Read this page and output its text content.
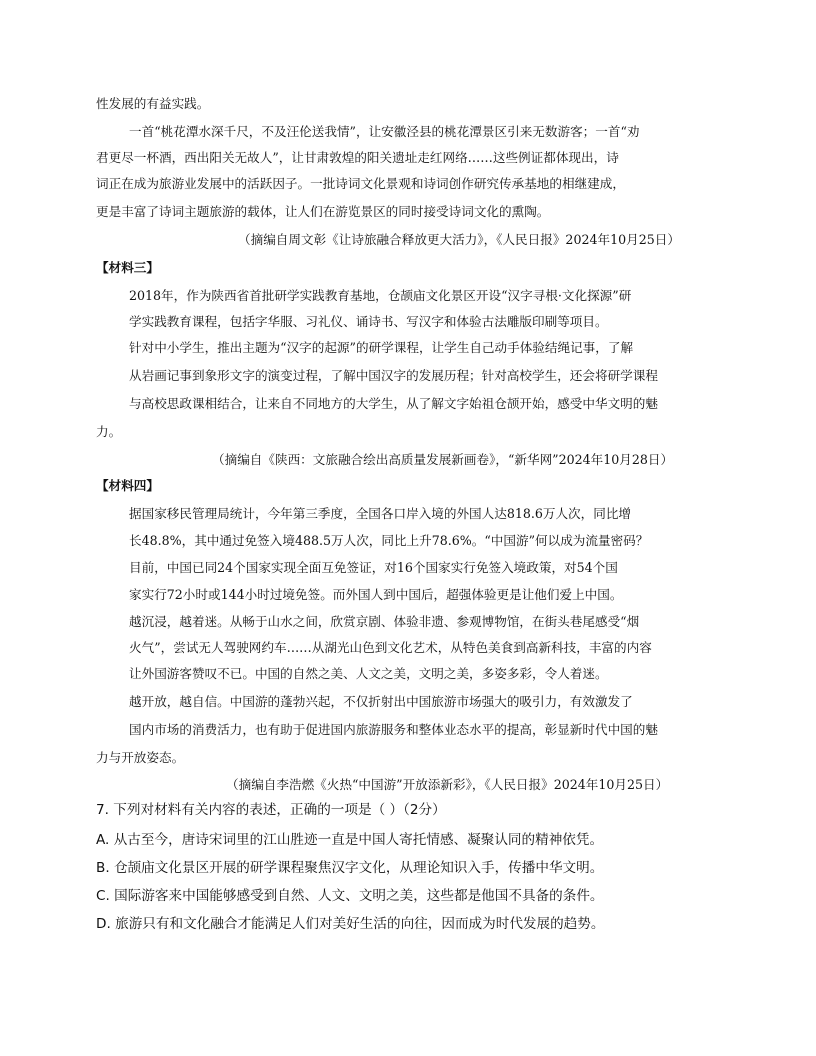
性发展的有益实践。
一首“桃花潭水深千尺，不及汪伦送我情”，让安徽泾县的桃花潭景区引来无数游客；一首“劝
君更尽一杯酒，西出阳关无故人”，让甘肃敦煌的阳关遗址走红网络……这些例证都体现出，诗
词正在成为旅游业发展中的活跃因子。一批诗词文化景观和诗词创作研究传承基地的相继建成，
更是丰富了诗词主题旅游的载体，让人们在游览景区的同时接受诗词文化的熏陶。
（摘编自周文彰《让诗旅融合释放更大活力》，《人民日报》2024年10月25日）
【材料三】
2018年，作为陕西省首批研学实践教育基地，仓颉庙文化景区开设“汉字寻根·文化探源”研
学实践教育课程，包括字华服、习礼仪、诵诗书、写汉字和体验古法雕版印刷等项目。
针对中小学生，推出主题为“汉字的起源”的研学课程，让学生自己动手体验结绳记事，了解
从岩画记事到象形文字的演变过程，了解中国汉字的发展历程；针对高校学生，还会将研学课程
与高校思政课相结合，让来自不同地方的大学生，从了解文字始祖仓颉开始，感受中华文明的魅
力。
（摘编自《陕西：文旅融合绘出高质量发展新画卷》，“新华网”2024年10月28日）
【材料四】
据国家移民管理局统计，今年第三季度，全国各口岸入境的外国人达818.6万人次，同比增
长48.8%，其中通过免签入境488.5万人次，同比上升78.6%。“中国游”何以成为流量密码？
目前，中国已同24个国家实现全面互免签证，对16个国家实行免签入境政策，对54个国
家实行72小时或144小时过境免签。而外国人到中国后，超强体验更是让他们爱上中国。
越沉浸，越着迷。从畅于山水之间，欣赏京剧、体验非遗、参观博物馆，在街头巷尾感受“烟
火气”，尝试无人驾驶网约车……从湖光山色到文化艺术，从特色美食到高新科技，丰富的内容
让外国游客赞叹不已。中国的自然之美、人文之美，文明之美，多姿多彩，令人着迷。
越开放，越自信。中国游的蓬勃兴起，不仅折射出中国旅游市场强大的吸引力，有效激发了
国内市场的消费活力，也有助于促进国内旅游服务和整体业态水平的提高，彰显新时代中国的魅
力与开放姿态。
（摘编自李浩燃《火热“中国游”开放添新彩》，《人民日报》2024年10月25日）
7. 下列对材料有关内容的表述，正确的一项是（ ）（2分）
A. 从古至今，唐诗宋词里的江山胜迹一直是中国人寄托情感、凝聚认同的精神依凭。
B. 仓颉庙文化景区开展的研学课程聚焦汉字文化，从理论知识入手，传播中华文明。
C. 国际游客来中国能够感受到自然、人文、文明之美，这些都是他国不具备的条件。
D. 旅游只有和文化融合才能满足人们对美好生活的向往，因而成为时代发展的趋势。
